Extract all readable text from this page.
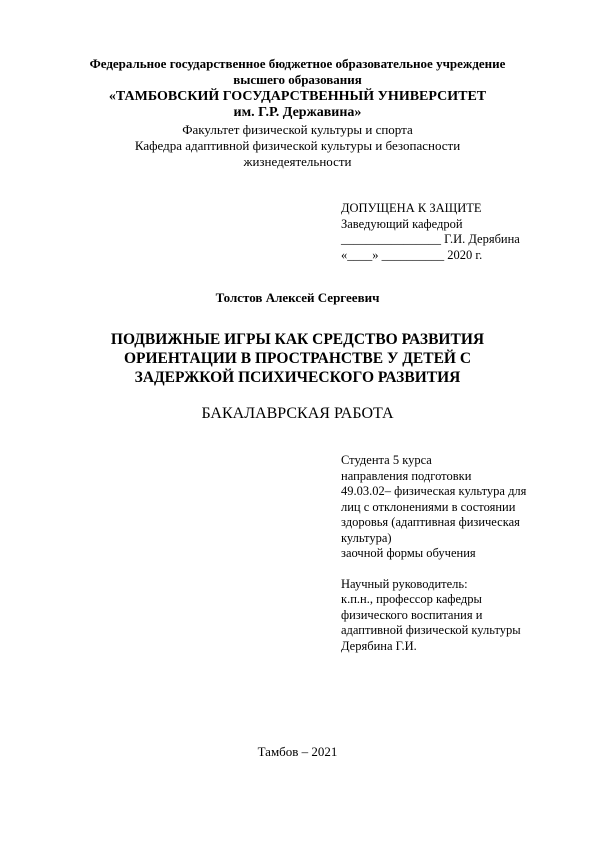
Федеральное государственное бюджетное образовательное учреждение
высшего образования
«ТАМБОВСКИЙ ГОСУДАРСТВЕННЫЙ УНИВЕРСИТЕТ
им. Г.Р. Державина»
Факультет физической культуры и спорта
Кафедра адаптивной физической культуры и безопасности
жизнедеятельности
ДОПУЩЕНА К ЗАЩИТЕ
Заведующий кафедрой
________________ Г.И. Дерябина
«____» __________ 2020 г.
Толстов Алексей Сергеевич
ПОДВИЖНЫЕ ИГРЫ КАК СРЕДСТВО РАЗВИТИЯ
ОРИЕНТАЦИИ В ПРОСТРАНСТВЕ У ДЕТЕЙ С
ЗАДЕРЖКОЙ ПСИХИЧЕСКОГО РАЗВИТИЯ
БАКАЛАВРСКАЯ РАБОТА
Студента 5 курса
направления подготовки
49.03.02– физическая культура для
лиц с отклонениями в состоянии
здоровья (адаптивная физическая
культура)
заочной формы обучения
Научный руководитель:
к.п.н., профессор кафедры
физического воспитания и
адаптивной физической культуры
Дерябина Г.И.
Тамбов – 2021
